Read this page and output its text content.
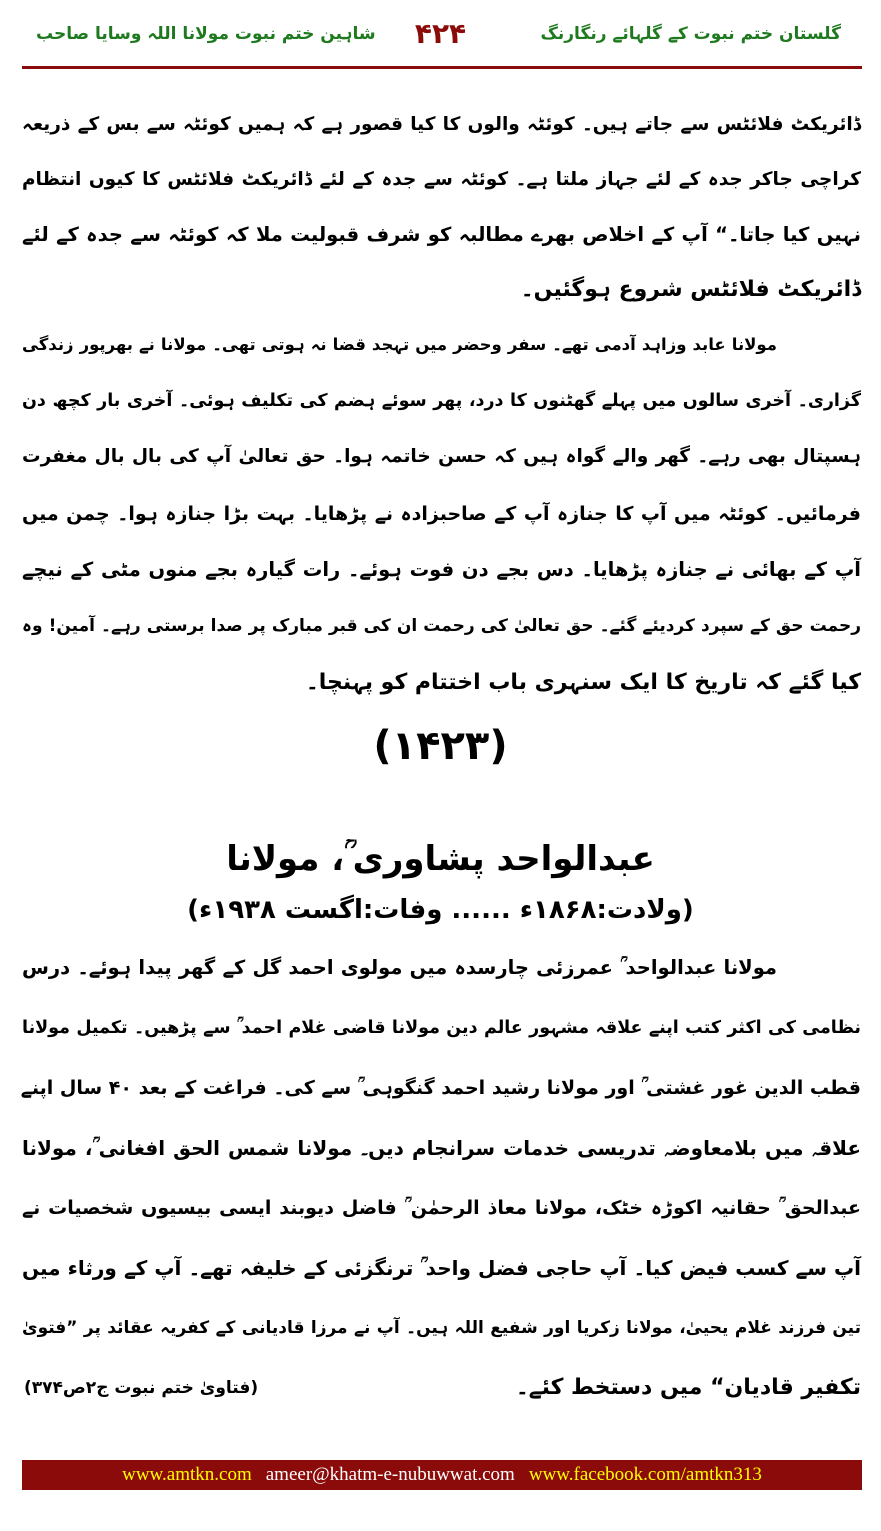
گلستان ختم نبوت کے گلہائے رنگارنگ
۴۲۴
شاہین ختم نبوت مولانا اللہ وسایا صاحب
ڈائریکٹ فلائٹس سے جاتے ہیں۔ کوئٹہ والوں کا کیا قصور ہے کہ ہمیں کوئٹہ سے بس کے ذریعہ
کراچی جاکر جدہ کے لئے جہاز ملتا ہے۔ کوئٹہ سے جدہ کے لئے ڈائریکٹ فلائٹس کا کیوں انتظام
نہیں کیا جاتا۔“ آپ کے اخلاص بھرے مطالبہ کو شرف قبولیت ملا کہ کوئٹہ سے جدہ کے لئے
ڈائریکٹ فلائٹس شروع ہوگئیں۔
مولانا عابد وزاہد آدمی تھے۔ سفر وحضر میں تہجد قضا نہ ہوتی تھی۔ مولانا نے بھرپور زندگی
گزاری۔ آخری سالوں میں پہلے گھٹنوں کا درد، پھر سوئے ہضم کی تکلیف ہوئی۔ آخری بار کچھ دن
ہسپتال بھی رہے۔ گھر والے گواہ ہیں کہ حسن خاتمہ ہوا۔ حق تعالیٰ آپ کی بال بال مغفرت
فرمائیں۔ کوئٹہ میں آپ کا جنازہ آپ کے صاحبزادہ نے پڑھایا۔ بہت بڑا جنازہ ہوا۔ چمن میں
آپ کے بھائی نے جنازہ پڑھایا۔ دس بجے دن فوت ہوئے۔ رات گیارہ بجے منوں مٹی کے نیچے
رحمت حق کے سپرد کردیئے گئے۔ حق تعالیٰ کی رحمت ان کی قبر مبارک پر صدا برستی رہے۔ آمین! وہ
کیا گئے کہ تاریخ کا ایک سنہری باب اختتام کو پہنچا۔
(۱۴۲۳)
عبدالواحد پشاوری ؒ، مولانا
(ولادت:۱۸۶۸ء ...... وفات:اگست ۱۹۳۸ء)
مولانا عبدالواحد ؒ عمرزئی چارسدہ میں مولوی احمد گل کے گھر پیدا ہوئے۔ درس
نظامی کی اکثر کتب اپنے علاقہ مشہور عالم دین مولانا قاضی غلام احمد ؒ سے پڑھیں۔ تکمیل مولانا
قطب الدین غور غشتی ؒ اور مولانا رشید احمد گنگوہی ؒ سے کی۔ فراغت کے بعد ۴۰ سال اپنے
علاقہ میں بلامعاوضہ تدریسی خدمات سرانجام دیں۔ مولانا شمس الحق افغانی ؒ، مولانا
عبدالحق ؒ حقانیہ اکوڑہ خٹک، مولانا معاذ الرحمٰن ؒ فاضل دیوبند ایسی بیسیوں شخصیات نے
آپ سے کسب فیض کیا۔ آپ حاجی فضل واحد ؒ ترنگزئی کے خلیفہ تھے۔ آپ کے ورثاء میں
تین فرزند غلام یحییٰ، مولانا زکریا اور شفیع اللہ ہیں۔ آپ نے مرزا قادیانی کے کفریہ عقائد پر ”فتویٰ
تکفیر قادیان“ میں دستخط کئے۔
(فتاویٰ ختم نبوت ج۲ص۳۷۴)
www.amtkn.com ameer@khatm-e-nubuwwat.com www.facebook.com/amtkn313
